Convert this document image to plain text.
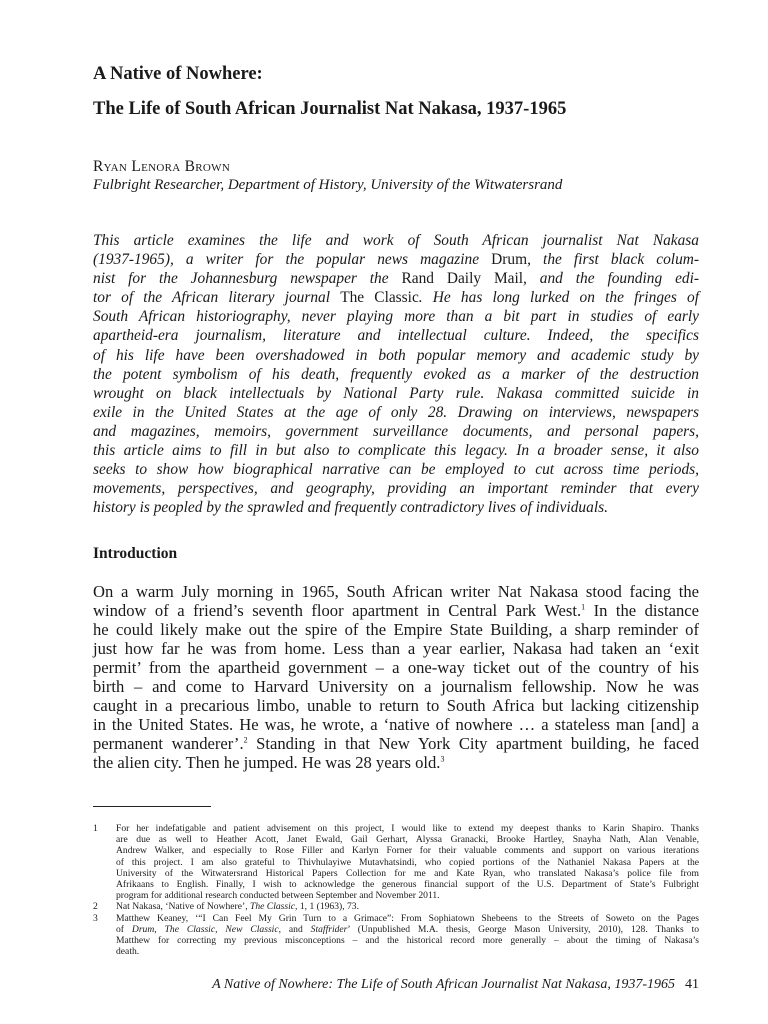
A Native of Nowhere:
The Life of South African Journalist Nat Nakasa, 1937-1965
Ryan Lenora Brown
Fulbright Researcher, Department of History, University of the Witwatersrand
This article examines the life and work of South African journalist Nat Nakasa
(1937-1965), a writer for the popular news magazine Drum, the first black colum-
nist for the Johannesburg newspaper the Rand Daily Mail, and the founding edi-
tor of the African literary journal The Classic. He has long lurked on the fringes of
South African historiography, never playing more than a bit part in studies of early
apartheid-era journalism, literature and intellectual culture. Indeed, the specifics
of his life have been overshadowed in both popular memory and academic study by
the potent symbolism of his death, frequently evoked as a marker of the destruction
wrought on black intellectuals by National Party rule. Nakasa committed suicide in
exile in the United States at the age of only 28. Drawing on interviews, newspapers
and magazines, memoirs, government surveillance documents, and personal papers,
this article aims to fill in but also to complicate this legacy. In a broader sense, it also
seeks to show how biographical narrative can be employed to cut across time periods,
movements, perspectives, and geography, providing an important reminder that every
history is peopled by the sprawled and frequently contradictory lives of individuals.
Introduction
On a warm July morning in 1965, South African writer Nat Nakasa stood facing the
window of a friend’s seventh floor apartment in Central Park West.$^1$ In the distance
he could likely make out the spire of the Empire State Building, a sharp reminder of
just how far he was from home. Less than a year earlier, Nakasa had taken an ‘exit
permit’ from the apartheid government – a one-way ticket out of the country of his
birth – and come to Harvard University on a journalism fellowship. Now he was
caught in a precarious limbo, unable to return to South Africa but lacking citizenship
in the United States. He was, he wrote, a ‘native of nowhere … a stateless man [and] a
permanent wanderer’.$^2$ Standing in that New York City apartment building, he faced
the alien city. Then he jumped. He was 28 years old.$^3$
1 For her indefatigable and patient advisement on this project, I would like to extend my deepest thanks to Karin Shapiro. Thanks
are due as well to Heather Acott, Janet Ewald, Gail Gerhart, Alyssa Granacki, Brooke Hartley, Snayha Nath, Alan Venable,
Andrew Walker, and especially to Rose Filler and Karlyn Forner for their valuable comments and support on various iterations
of this project. I am also grateful to Thivhulayiwe Mutavhatsindi, who copied portions of the Nathaniel Nakasa Papers at the
University of the Witwatersrand Historical Papers Collection for me and Kate Ryan, who translated Nakasa’s police file from
Afrikaans to English. Finally, I wish to acknowledge the generous financial support of the U.S. Department of State’s Fulbright
program for additional research conducted between September and November 2011.
2 Nat Nakasa, ‘Native of Nowhere’, The Classic, 1, 1 (1963), 73.
3 Matthew Keaney, ‘“I Can Feel My Grin Turn to a Grimace”: From Sophiatown Shebeens to the Streets of Soweto on the Pages
of Drum, The Classic, New Classic, and Staffrider’ (Unpublished M.A. thesis, George Mason University, 2010), 128. Thanks to
Matthew for correcting my previous misconceptions – and the historical record more generally – about the timing of Nakasa’s
death.
A Native of Nowhere: The Life of South African Journalist Nat Nakasa, 1937-1965 41
